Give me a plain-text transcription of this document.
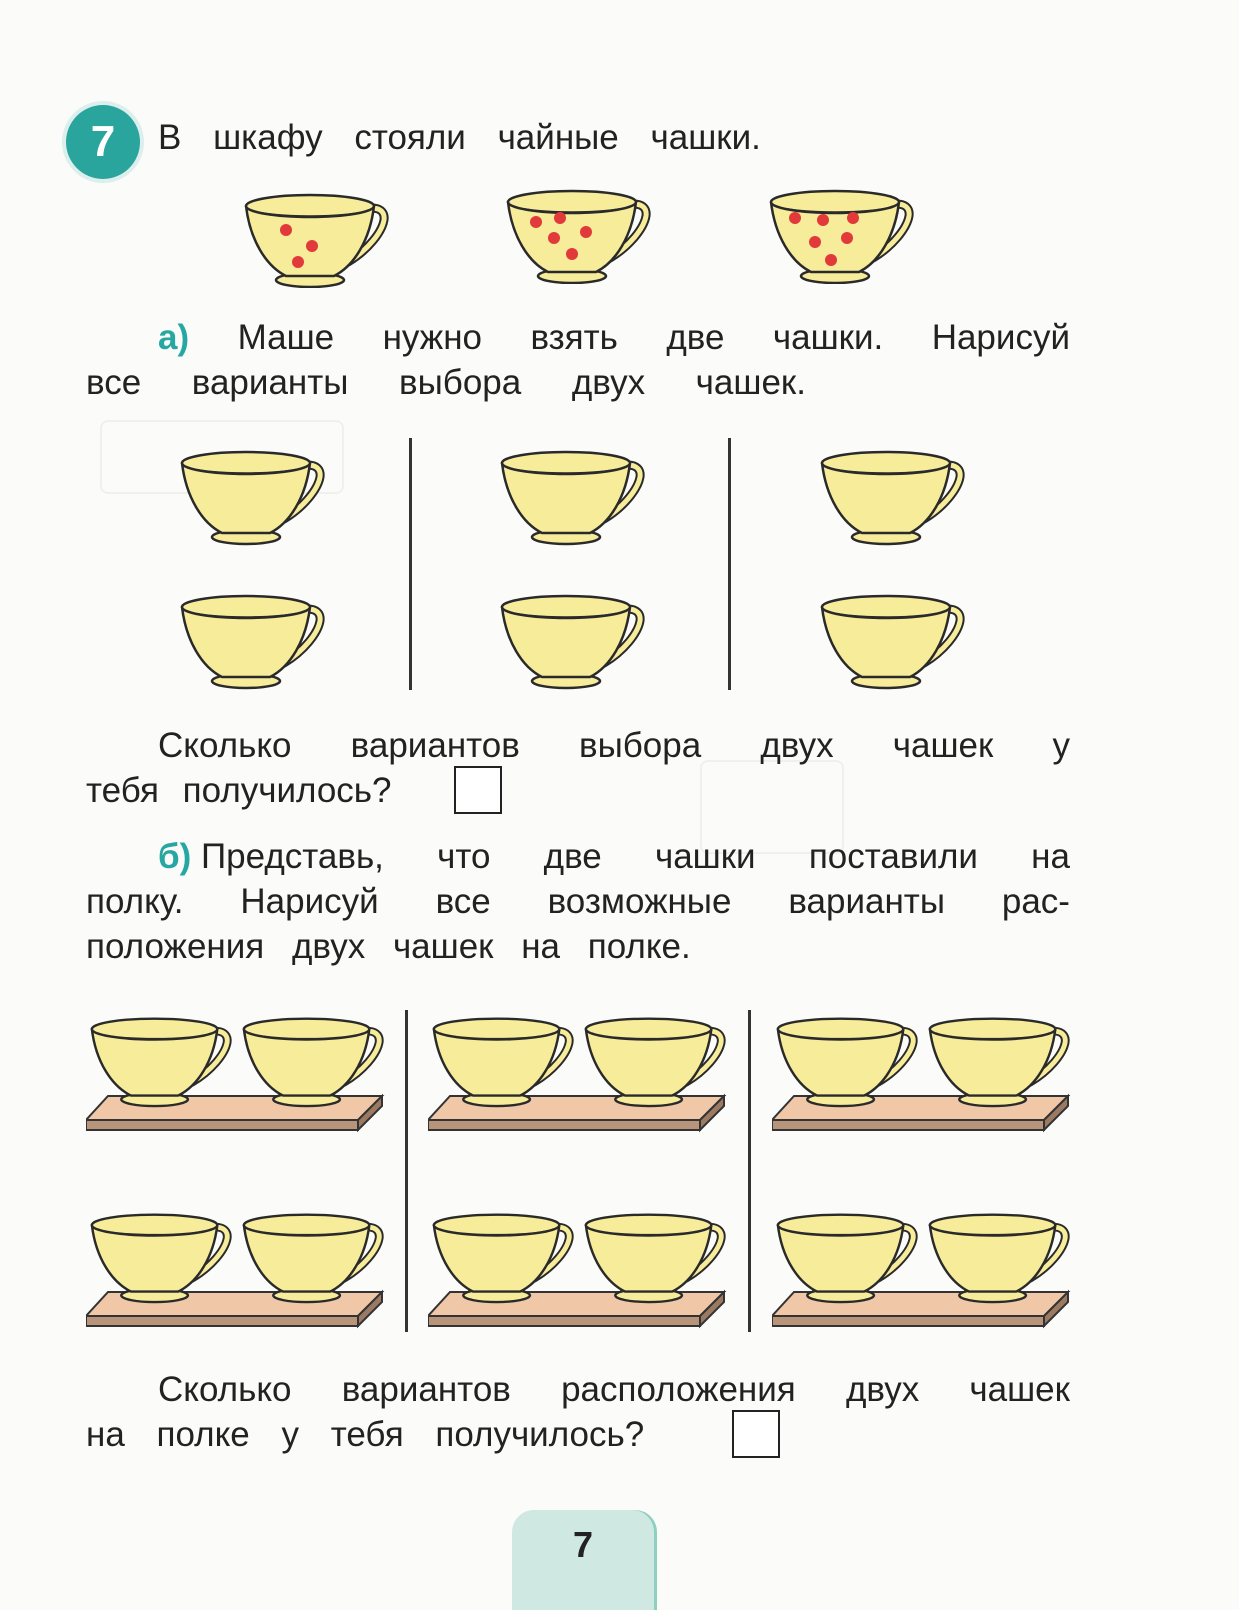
7	В шкафу стояли чайные чашки.
а) Маше нужно взять две чашки. Нарисуй
все варианты выбора двух чашек.
Сколько вариантов выбора двух чашек у
тебя получилось?
б) Представь, что две чашки поставили на
полку. Нарисуй все возможные варианты рас-
положения двух чашек на полке.
Сколько вариантов расположения двух чашек
на полке у тебя получилось?
7
